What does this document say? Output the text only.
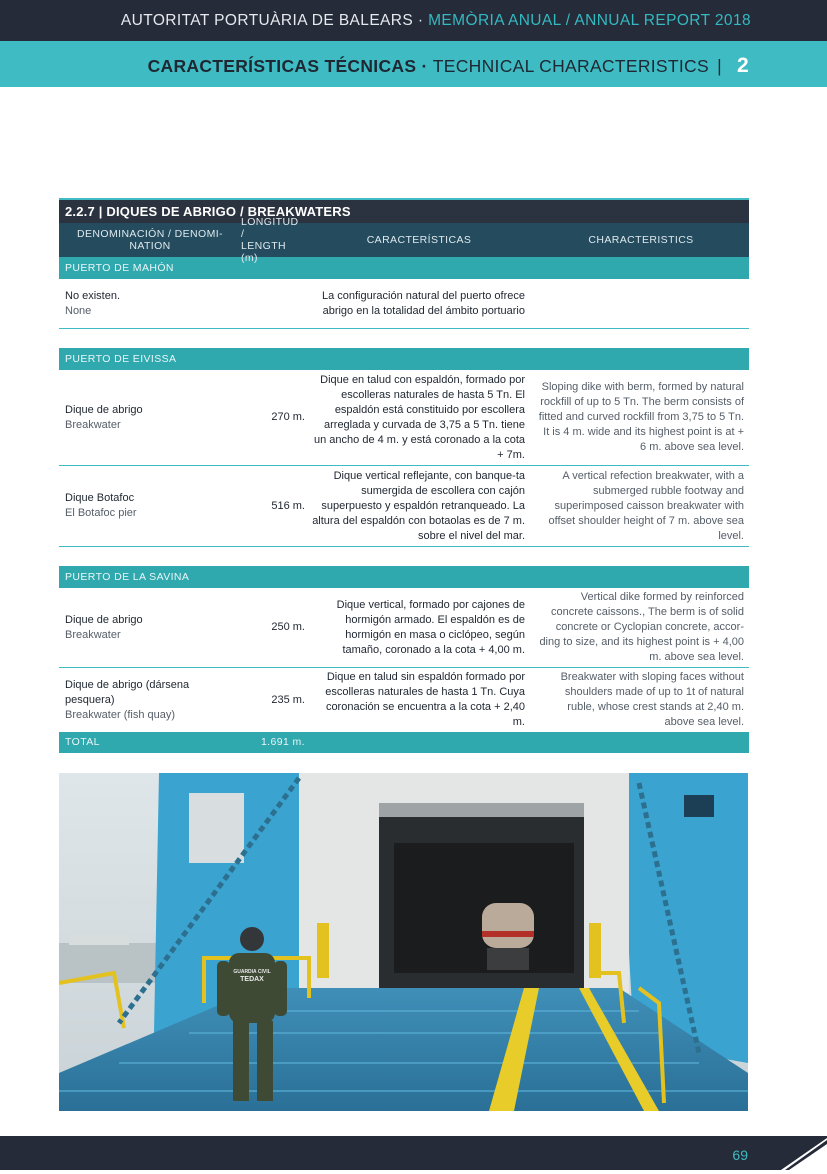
AUTORITAT PORTUÀRIA DE BALEARS · MEMÒRIA ANUAL / ANNUAL REPORT 2018
CARACTERÍSTICAS TÉCNICAS · TECHNICAL CHARACTERISTICS | 2
2.2.7 | DIQUES DE ABRIGO / BREAKWATERS
DENOMINACIÓN / DENOMI-
NATION
LONGITUD /
LENGTH (m)
CARACTERÍSTICAS	CHARACTERISTICS
PUERTO DE MAHÓN
No existen.
None
La configuración natural del puerto ofrece abrigo en la totalidad del ámbito portuario
PUERTO DE EIVISSA
Dique de abrigo
Breakwater
270 m.
Dique en talud con espaldón, formado por escolleras naturales de hasta 5 Tn. El espaldón está constituido por escollera arreglada y curvada de 3,75 a 5 Tn. tiene un ancho de 4 m. y está coronado a la cota + 7m.
Sloping dike with berm, formed by natural rockfill of up to 5 Tn. The berm consists of fitted and curved rockfill from 3,75 to 5 Tn. It is 4 m. wide and its highest point is at + 6 m. above sea level.
Dique Botafoc
El Botafoc pier
516 m.
Dique vertical reflejante, con banque-ta sumergida de escollera con cajón superpuesto y espaldón retranqueado. La altura del espaldón con botaolas es de 7 m. sobre el nivel del mar.
A vertical refection breakwater, with a submerged rubble footway and superimposed caisson breakwater with offset shoulder height of 7 m. above sea level.
PUERTO DE LA SAVINA
Dique de abrigo
Breakwater
250 m.
Dique vertical, formado por cajones de hormigón armado. El espaldón es de hormigón en masa o ciclópeo, según tamaño, coronado a la cota + 4,00 m.
Vertical dike formed by reinforced concrete caissons., The berm is of solid concrete or Cyclopian concrete, accor-ding to size, and its highest point is + 4,00 m. above sea level.
Dique de abrigo (dársena pesquera)
Breakwater (fish quay)
235 m.
Dique en talud sin espaldón formado por escolleras naturales de hasta 1 Tn. Cuya coronación se encuentra a la cota + 2,40 m.
Breakwater with sloping faces without shoulders made of up to 1t of natural ruble, whose crest stands at 2,40 m. above sea level.
TOTAL	1.691 m.
GUARDIA CIVIL
TEDAX
69
